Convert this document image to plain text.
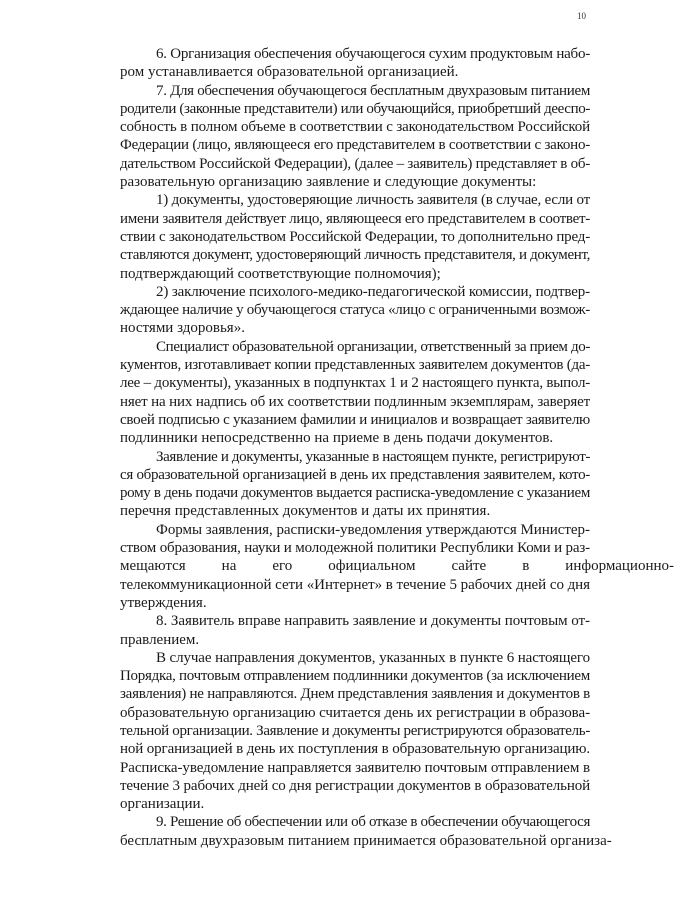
10
6. Организация обеспечения обучающегося сухим продуктовым набо-
ром устанавливается образовательной организацией.
7. Для обеспечения обучающегося бесплатным двухразовым питанием
родители (законные представители) или обучающийся, приобретший дееспо-
собность в полном объеме в соответствии с законодательством Российской
Федерации (лицо, являющееся его представителем в соответствии с законо-
дательством Российской Федерации), (далее – заявитель) представляет в об-
разовательную организацию заявление и следующие документы:
1) документы, удостоверяющие личность заявителя (в случае, если от
имени заявителя действует лицо, являющееся его представителем в соответ-
ствии с законодательством Российской Федерации, то дополнительно пред-
ставляются документ, удостоверяющий личность представителя, и документ,
подтверждающий соответствующие полномочия);
2) заключение психолого-медико-педагогической комиссии, подтвер-
ждающее наличие у обучающегося статуса «лицо с ограниченными возмож-
ностями здоровья».
Специалист образовательной организации, ответственный за прием до-
кументов, изготавливает копии представленных заявителем документов (да-
лее – документы), указанных в подпунктах 1 и 2 настоящего пункта, выпол-
няет на них надпись об их соответствии подлинным экземплярам, заверяет
своей подписью с указанием фамилии и инициалов и возвращает заявителю
подлинники непосредственно на приеме в день подачи документов.
Заявление и документы, указанные в настоящем пункте, регистрируют-
ся образовательной организацией в день их представления заявителем, кото-
рому в день подачи документов выдается расписка-уведомление с указанием
перечня представленных документов и даты их принятия.
Формы заявления, расписки-уведомления утверждаются Министер-
ством образования, науки и молодежной политики Республики Коми и раз-
мещаются	на	его	официальном	сайте	в	информационно-
телекоммуникационной сети «Интернет» в течение 5 рабочих дней со дня
утверждения.
8. Заявитель вправе направить заявление и документы почтовым от-
правлением.
В случае направления документов, указанных в пункте 6 настоящего
Порядка, почтовым отправлением подлинники документов (за исключением
заявления) не направляются. Днем представления заявления и документов в
образовательную организацию считается день их регистрации в образова-
тельной организации. Заявление и документы регистрируются образователь-
ной организацией в день их поступления в образовательную организацию.
Расписка-уведомление направляется заявителю почтовым отправлением в
течение 3 рабочих дней со дня регистрации документов в образовательной
организации.
9. Решение об обеспечении или об отказе в обеспечении обучающегося
бесплатным двухразовым питанием принимается образовательной организа-
